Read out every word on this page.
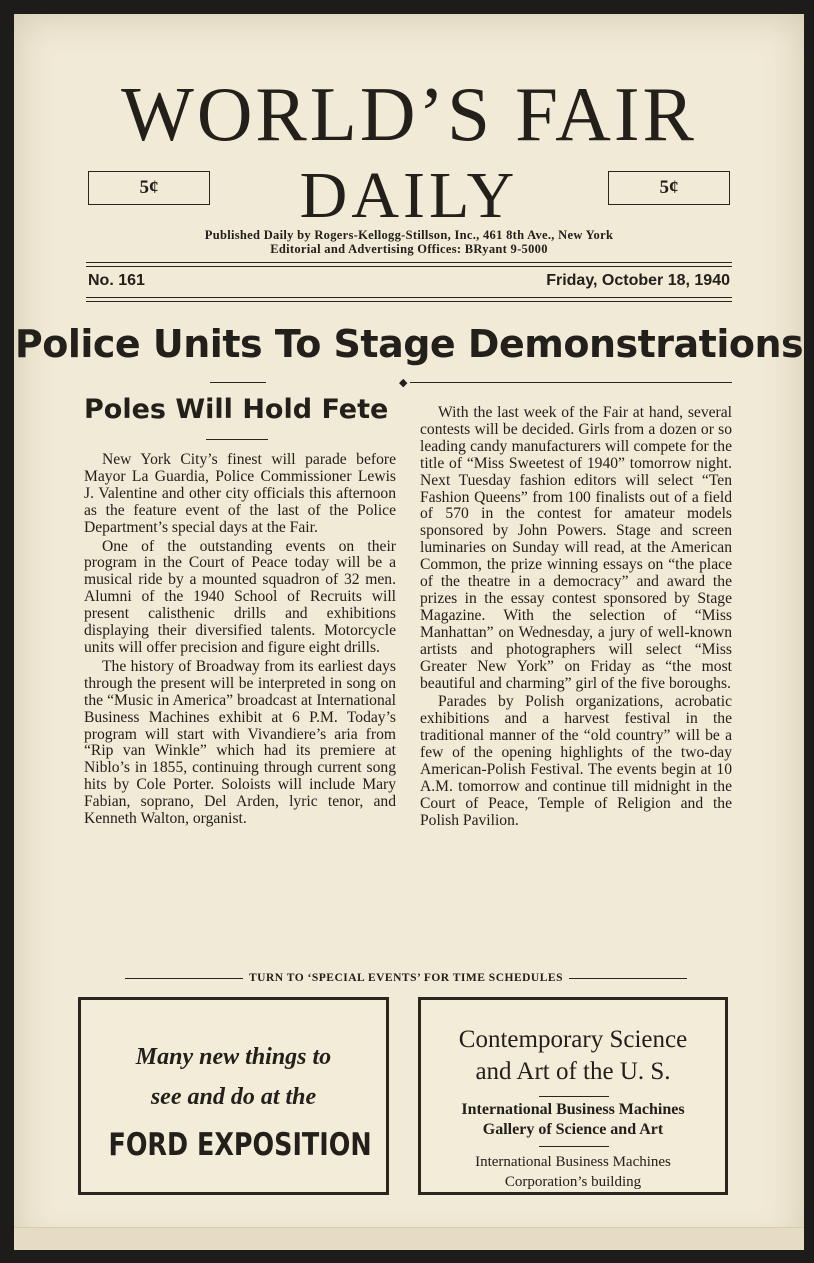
WORLD’S FAIR
5¢	DAILY	5¢
Published Daily by Rogers-Kellogg-Stillson, Inc., 461 8th Ave., New York
Editorial and Advertising Offices: BRyant 9-5000
No. 161	Friday, October 18, 1940
Police Units To Stage Demonstrations
◆
Poles Will Hold Fete

New York City’s finest will parade before Mayor La Guardia, Police Commissioner Lewis J. Valentine and other city officials this afternoon as the feature event of the last of the Police Department’s special days at the Fair.

One of the outstanding events on their program in the Court of Peace today will be a musical ride by a mounted squadron of 32 men. Alumni of the 1940 School of Recruits will present calisthenic drills and exhibitions displaying their diversified talents. Motorcycle units will offer precision and figure eight drills.

The history of Broadway from its earliest days through the present will be interpreted in song on the “Music in America” broadcast at International Business Machines exhibit at 6 P.M. Today’s program will start with Vivandiere’s aria from “Rip van Winkle” which had its premiere at Niblo’s in 1855, continuing through current song hits by Cole Porter. Soloists will include Mary Fabian, soprano, Del Arden, lyric tenor, and Kenneth Walton, organist.

With the last week of the Fair at hand, several contests will be decided. Girls from a dozen or so leading candy manufacturers will compete for the title of “Miss Sweetest of 1940” tomorrow night. Next Tuesday fashion editors will select “Ten Fashion Queens” from 100 finalists out of a field of 570 in the contest for amateur models sponsored by John Powers. Stage and screen luminaries on Sunday will read, at the American Common, the prize winning essays on “the place of the theatre in a democracy” and award the prizes in the essay contest sponsored by Stage Magazine. With the selection of “Miss Manhattan” on Wednesday, a jury of well-known artists and photographers will select “Miss Greater New York” on Friday as “the most beautiful and charming” girl of the five boroughs.

Parades by Polish organizations, acrobatic exhibitions and a harvest festival in the traditional manner of the “old country” will be a few of the opening highlights of the two-day American-Polish Festival. The events begin at 10 A.M. tomorrow and continue till midnight in the Court of Peace, Temple of Religion and the Polish Pavilion.

TURN TO ‘SPECIAL EVENTS’ FOR TIME SCHEDULES
Many new things to
see and do at the
FORD EXPOSITION
Contemporary Science
and Art of the U. S.
International Business Machines
Gallery of Science and Art
International Business Machines
Corporation’s building
